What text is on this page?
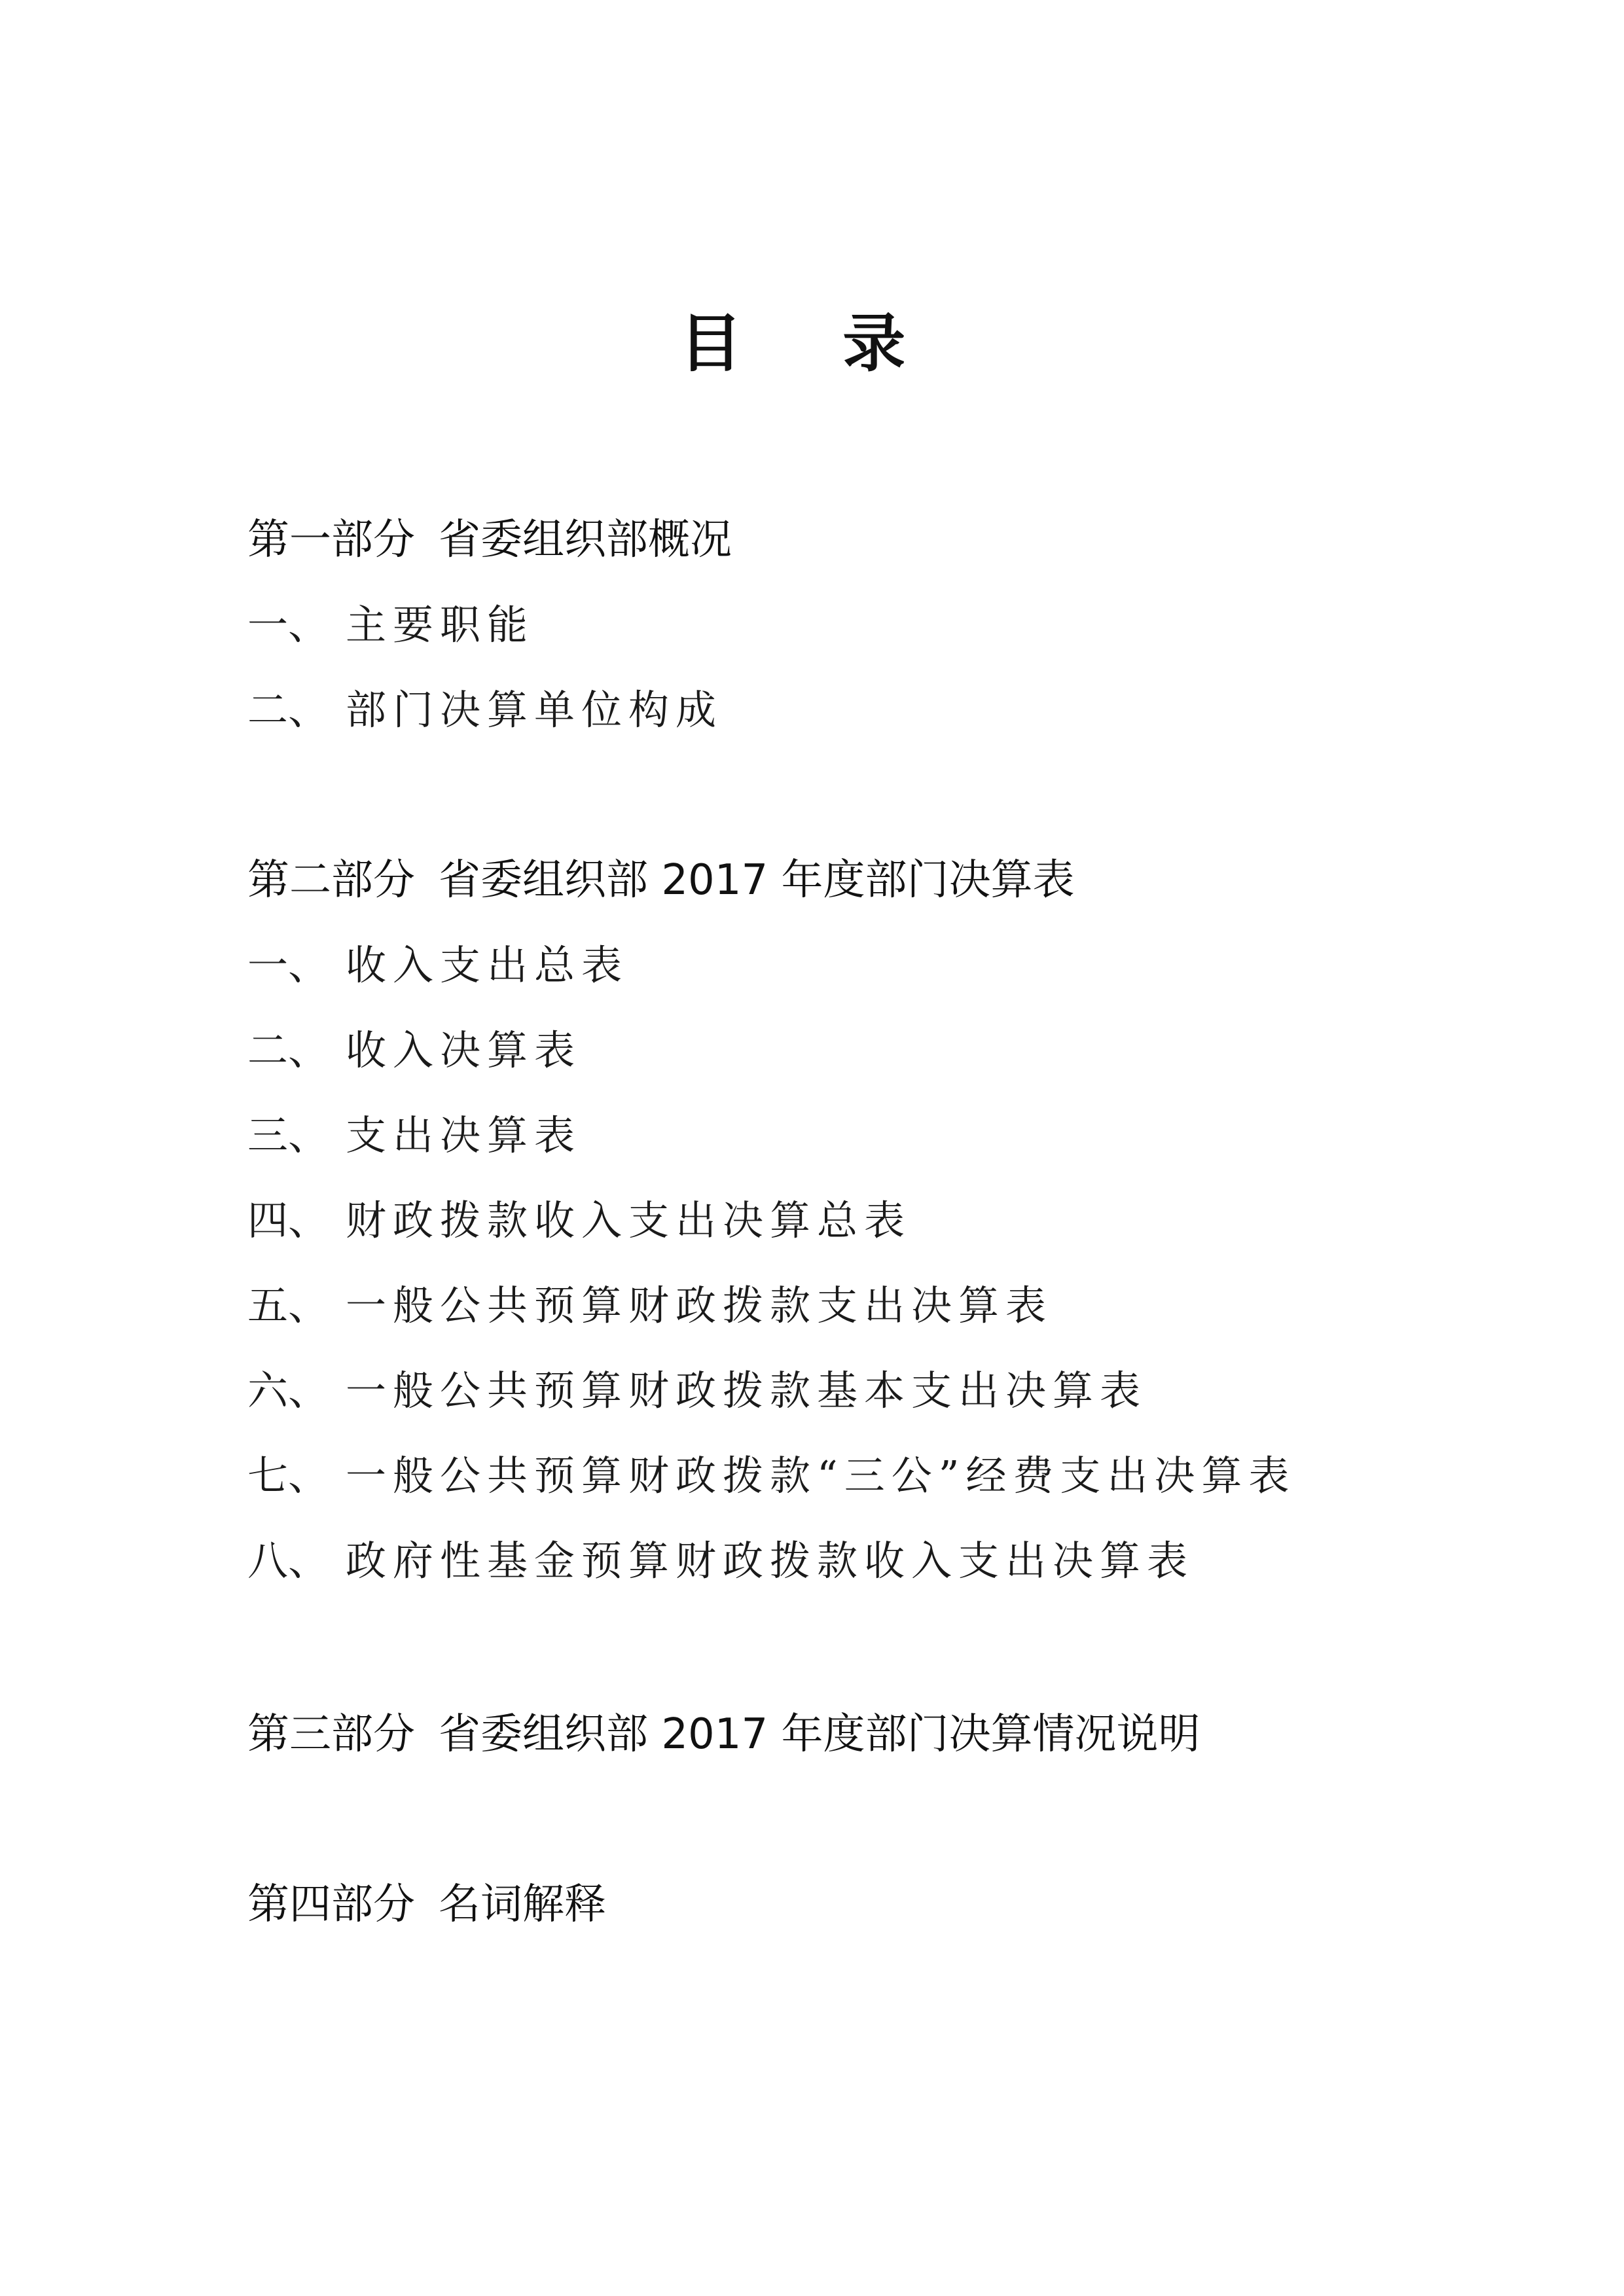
目 录
第一部分 省委组织部概况
一、 主要职能
二、 部门决算单位构成
第二部分 省委组织部 2017 年度部门决算表
一、 收入支出总表
二、 收入决算表
三、 支出决算表
四、 财政拨款收入支出决算总表
五、 一般公共预算财政拨款支出决算表
六、 一般公共预算财政拨款基本支出决算表
七、 一般公共预算财政拨款“三公”经费支出决算表
八、 政府性基金预算财政拨款收入支出决算表
第三部分 省委组织部 2017 年度部门决算情况说明
第四部分 名词解释
